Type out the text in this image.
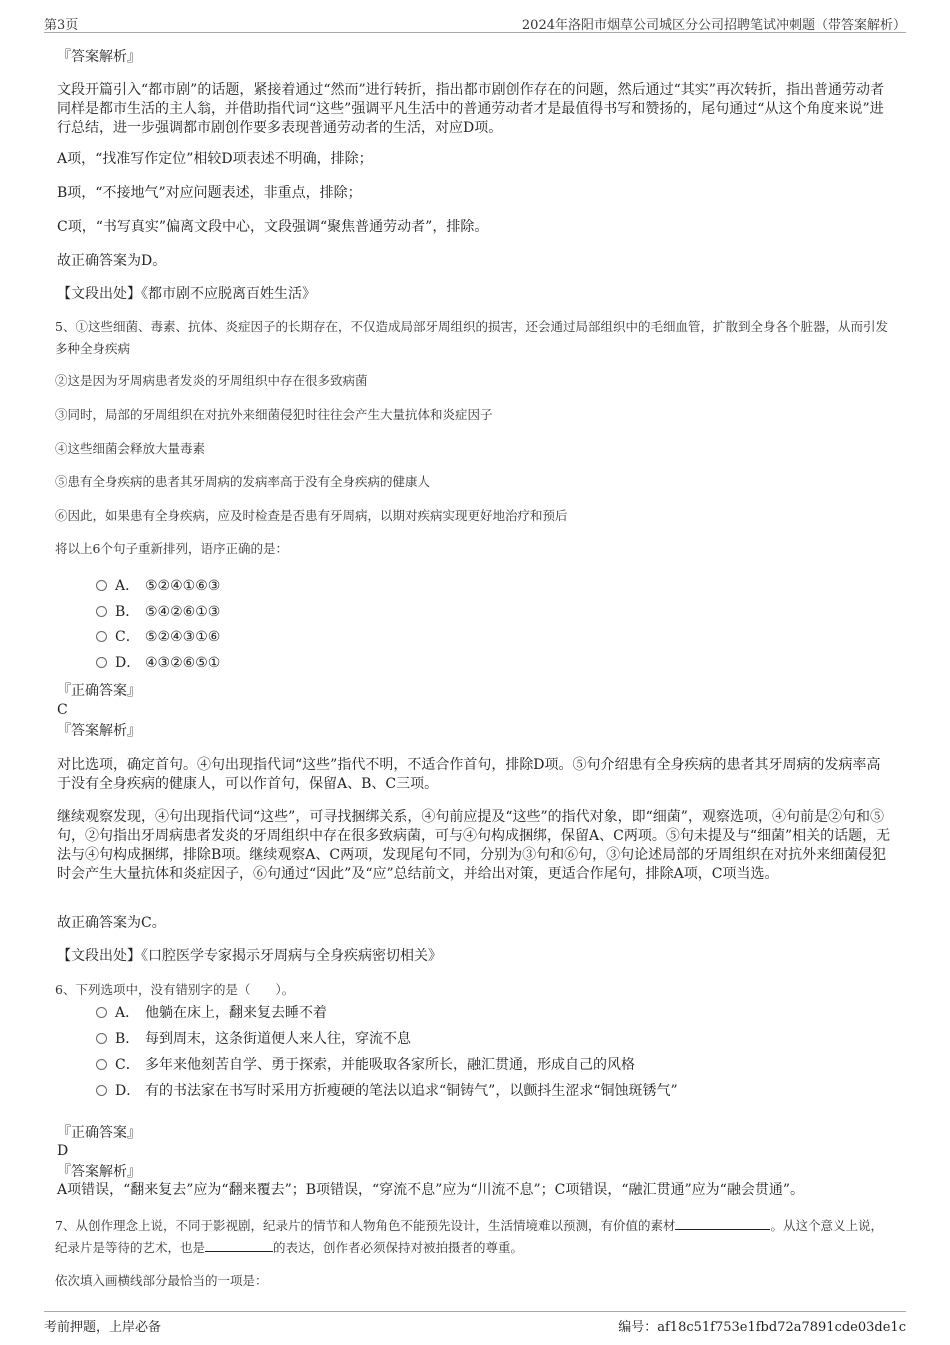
第3页	2024年洛阳市烟草公司城区分公司招聘笔试冲刺题（带答案解析）
『答案解析』
文段开篇引入“都市剧”的话题，紧接着通过“然而”进行转折，指出都市剧创作存在的问题，然后通过“其实”再次转折，指出普通劳动者同样是都市生活的主人翁，并借助指代词“这些”强调平凡生活中的普通劳动者才是最值得书写和赞扬的，尾句通过“从这个角度来说”进行总结，进一步强调都市剧创作要多表现普通劳动者的生活，对应D项。
A项，“找准写作定位”相较D项表述不明确，排除；
B项，“不接地气”对应问题表述，非重点，排除；
C项，“书写真实”偏离文段中心，文段强调“聚焦普通劳动者”，排除。
故正确答案为D。
【文段出处】《都市剧不应脱离百姓生活》
5、①这些细菌、毒素、抗体、炎症因子的长期存在，不仅造成局部牙周组织的损害，还会通过局部组织中的毛细血管，扩散到全身各个脏器，从而引发多种全身疾病
②这是因为牙周病患者发炎的牙周组织中存在很多致病菌
③同时，局部的牙周组织在对抗外来细菌侵犯时往往会产生大量抗体和炎症因子
④这些细菌会释放大量毒素
⑤患有全身疾病的患者其牙周病的发病率高于没有全身疾病的健康人
⑥因此，如果患有全身疾病，应及时检查是否患有牙周病，以期对疾病实现更好地治疗和预后
将以上6个句子重新排列，语序正确的是：
A． ⑤②④①⑥③
B． ⑤④②⑥①③
C． ⑤②④③①⑥
D． ④③②⑥⑤①
『正确答案』
C
『答案解析』
对比选项，确定首句。④句出现指代词“这些”指代不明，不适合作首句，排除D项。⑤句介绍患有全身疾病的患者其牙周病的发病率高于没有全身疾病的健康人，可以作首句，保留A、B、C三项。
继续观察发现，④句出现指代词“这些”，可寻找捆绑关系，④句前应提及“这些”的指代对象，即“细菌”，观察选项，④句前是②句和⑤句，②句指出牙周病患者发炎的牙周组织中存在很多致病菌，可与④句构成捆绑，保留A、C两项。⑤句未提及与“细菌”相关的话题，无法与④句构成捆绑，排除B项。继续观察A、C两项，发现尾句不同，分别为③句和⑥句，③句论述局部的牙周组织在对抗外来细菌侵犯时会产生大量抗体和炎症因子，⑥句通过“因此”及“应”总结前文，并给出对策，更适合作尾句，排除A项，C项当选。
故正确答案为C。
【文段出处】《口腔医学专家揭示牙周病与全身疾病密切相关》
6、下列选项中，没有错别字的是（　　）。
A． 他躺在床上，翻来复去睡不着
B． 每到周末，这条街道便人来人往，穿流不息
C． 多年来他刻苦自学、勇于探索，并能吸取各家所长，融汇贯通，形成自己的风格
D． 有的书法家在书写时采用方折瘦硬的笔法以追求“铜铸气”，以颤抖生涩求“铜蚀斑锈气”
『正确答案』
D
『答案解析』
A项错误，“翻来复去”应为“翻来覆去”；B项错误，“穿流不息”应为“川流不息”；C项错误，“融汇贯通”应为“融会贯通”。
7、从创作理念上说，不同于影视剧，纪录片的情节和人物角色不能预先设计，生活情境难以预测，有价值的素材	。从这个意义上说，纪录片是等待的艺术，也是	的表达，创作者必须保持对被拍摄者的尊重。
依次填入画横线部分最恰当的一项是：
考前押题，上岸必备	编号：af18c51f753e1fbd72a7891cde03de1c
